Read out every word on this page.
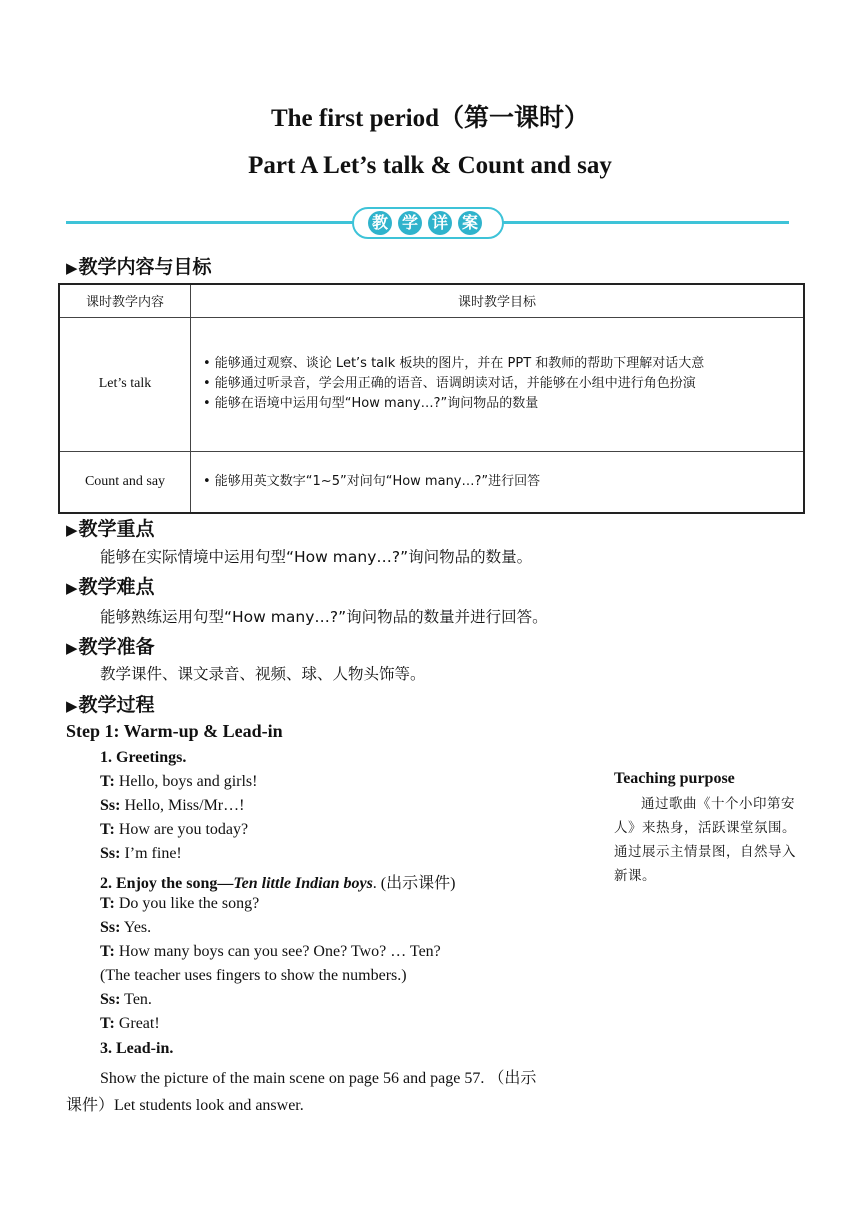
The first period（第一课时）
Part A Let’s talk & Count and say
教 学 详 案
▶教学内容与目标
课时教学内容	课时教学目标
Let’s talk	• 能够通过观察、谈论 Let’s talk 板块的图片，并在 PPT 和教师的帮助下理解对话大意
• 能够通过听录音，学会用正确的语音、语调朗读对话，并能够在小组中进行角色扮演
• 能够在语境中运用句型“How many…?”询问物品的数量

Count and say	• 能够用英文数字“1~5”对问句“How many…?”进行回答
▶教学重点
能够在实际情境中运用句型“How many…?”询问物品的数量。
▶教学难点
能够熟练运用句型“How many…?”询问物品的数量并进行回答。
▶教学准备
教学课件、课文录音、视频、球、人物头饰等。
▶教学过程
Step 1: Warm-up & Lead-in
1. Greetings.
T: Hello, boys and girls!
Ss: Hello, Miss/Mr…!
T: How are you today?
Ss: I’m fine!
2. Enjoy the song—Ten little Indian boys. (出示课件)
T: Do you like the song?
Ss: Yes.
T: How many boys can you see? One? Two? … Ten?
(The teacher uses fingers to show the numbers.)
Ss: Ten.
T: Great!
3. Lead-in.
Show the picture of the main scene on page 56 and page 57. （出示
课件）Let students look and answer.
Teaching purpose
通过歌曲《十个小印第安人》来热身，活跃课堂氛围。通过展示主情景图，自然导入新课。
